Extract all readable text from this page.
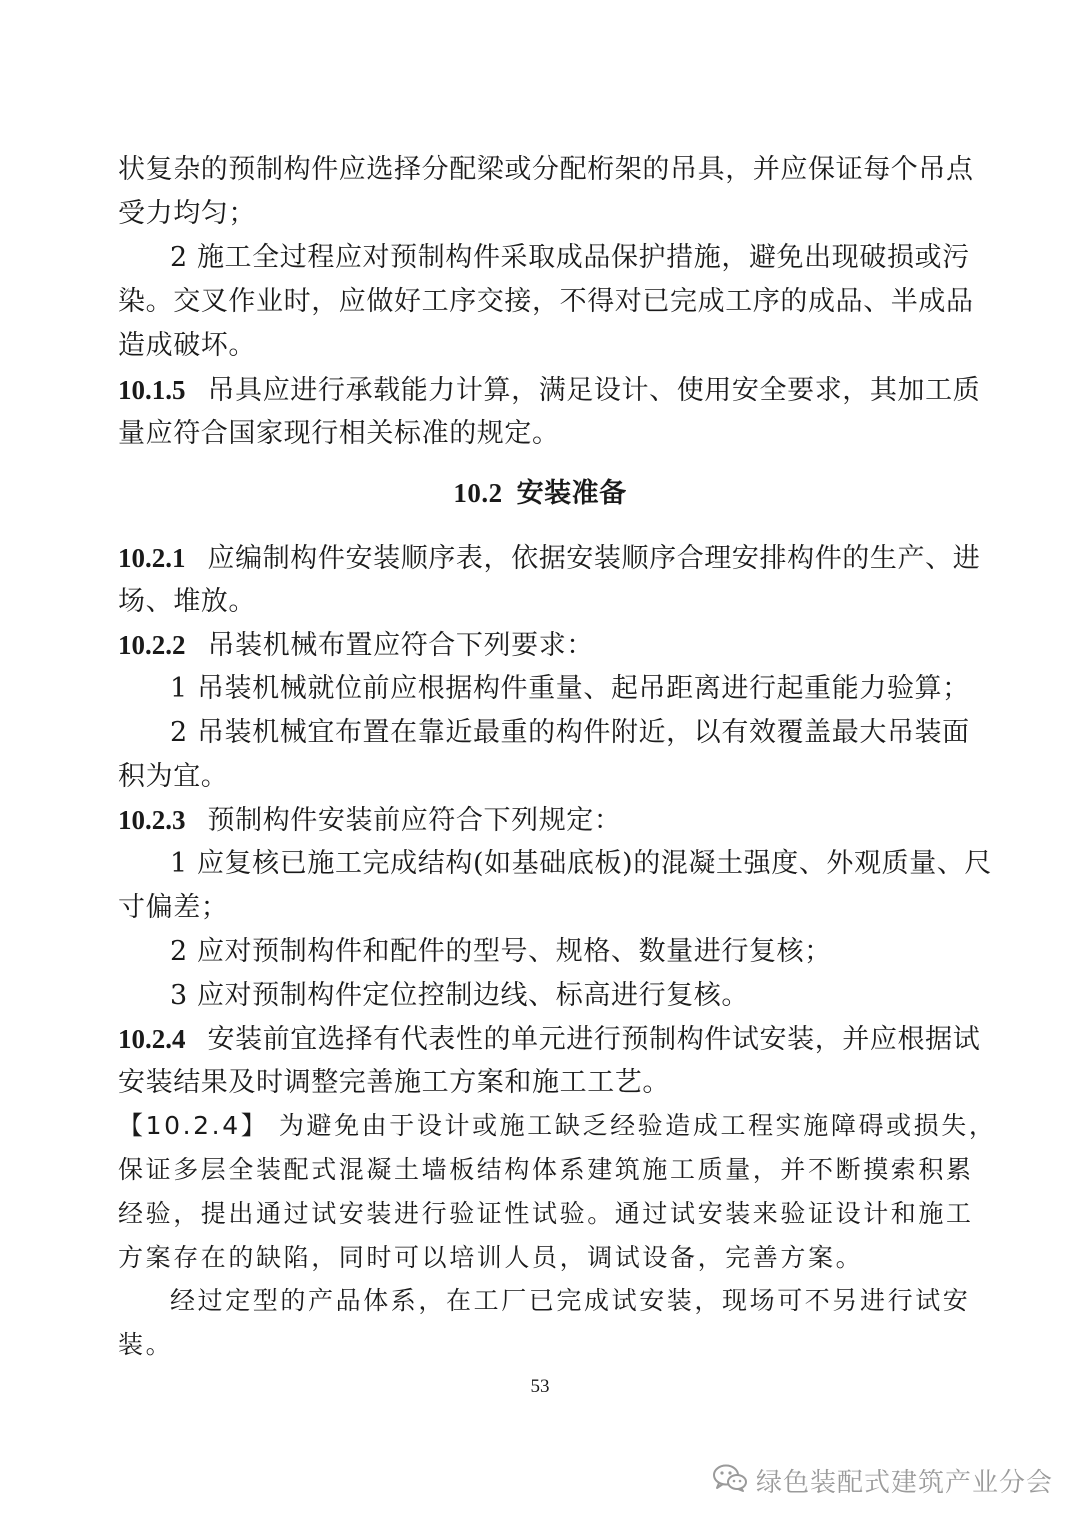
状复杂的预制构件应选择分配梁或分配桁架的吊具，并应保证每个吊点
受力均匀；
2 施工全过程应对预制构件采取成品保护措施，避免出现破损或污
染。交叉作业时，应做好工序交接，不得对已完成工序的成品、半成品
造成破坏。
10.1.5 吊具应进行承载能力计算，满足设计、使用安全要求，其加工质
量应符合国家现行相关标准的规定。
10.2 安装准备
10.2.1 应编制构件安装顺序表，依据安装顺序合理安排构件的生产、进
场、堆放。
10.2.2 吊装机械布置应符合下列要求：
1 吊装机械就位前应根据构件重量、起吊距离进行起重能力验算；
2 吊装机械宜布置在靠近最重的构件附近，以有效覆盖最大吊装面
积为宜。
10.2.3 预制构件安装前应符合下列规定：
1 应复核已施工完成结构(如基础底板)的混凝土强度、外观质量、尺
寸偏差；
2 应对预制构件和配件的型号、规格、数量进行复核；
3 应对预制构件定位控制边线、标高进行复核。
10.2.4 安装前宜选择有代表性的单元进行预制构件试安装，并应根据试
安装结果及时调整完善施工方案和施工工艺。
【10.2.4】 为避免由于设计或施工缺乏经验造成工程实施障碍或损失，
保证多层全装配式混凝土墙板结构体系建筑施工质量，并不断摸索积累
经验，提出通过试安装进行验证性试验。通过试安装来验证设计和施工
方案存在的缺陷，同时可以培训人员，调试设备，完善方案。
经过定型的产品体系，在工厂已完成试安装，现场可不另进行试安
装。
53
绿色装配式建筑产业分会
